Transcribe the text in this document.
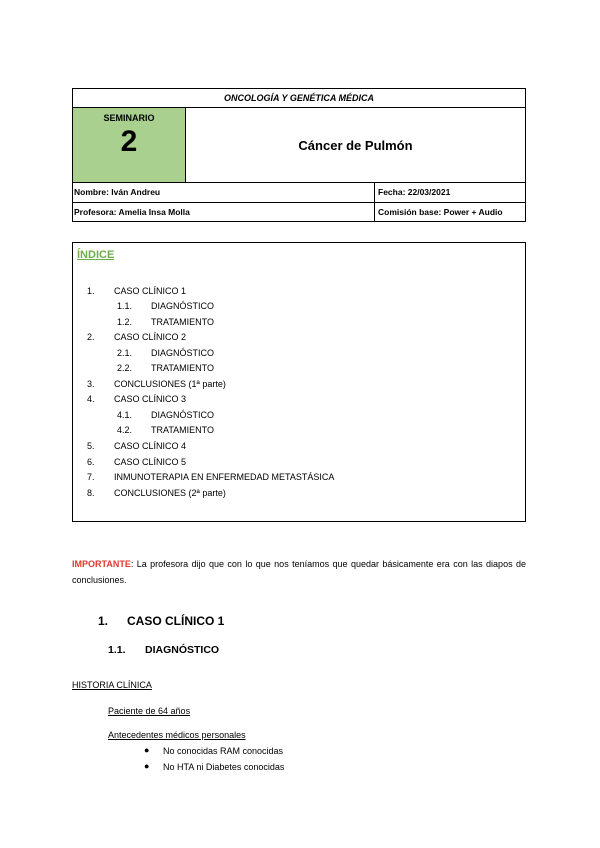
ONCOLOGÍA Y GENÉTICA MÉDICA
SEMINARIO
2	Cáncer de Pulmón
Nombre: Iván Andreu	Fecha: 22/03/2021
Profesora: Amelia Insa Molla	Comisión base: Power + Audio
ÍNDICE
1. CASO CLÍNICO 1
1.1. DIAGNÓSTICO
1.2. TRATAMIENTO
2. CASO CLÍNICO 2
2.1. DIAGNÓSTICO
2.2. TRATAMIENTO
3. CONCLUSIONES (1ª parte)
4. CASO CLÍNICO 3
4.1. DIAGNÓSTICO
4.2. TRATAMIENTO
5. CASO CLÍNICO 4
6. CASO CLÍNICO 5
7. INMUNOTERAPIA EN ENFERMEDAD METASTÁSICA
8. CONCLUSIONES (2ª parte)
IMPORTANTE: La profesora dijo que con lo que nos teníamos que quedar básicamente era con las diapos de conclusiones.
1. CASO CLÍNICO 1
1.1. DIAGNÓSTICO
HISTORIA CLÍNICA
Paciente de 64 años
Antecedentes médicos personales
● No conocidas RAM conocidas
● No HTA ni Diabetes conocidas
